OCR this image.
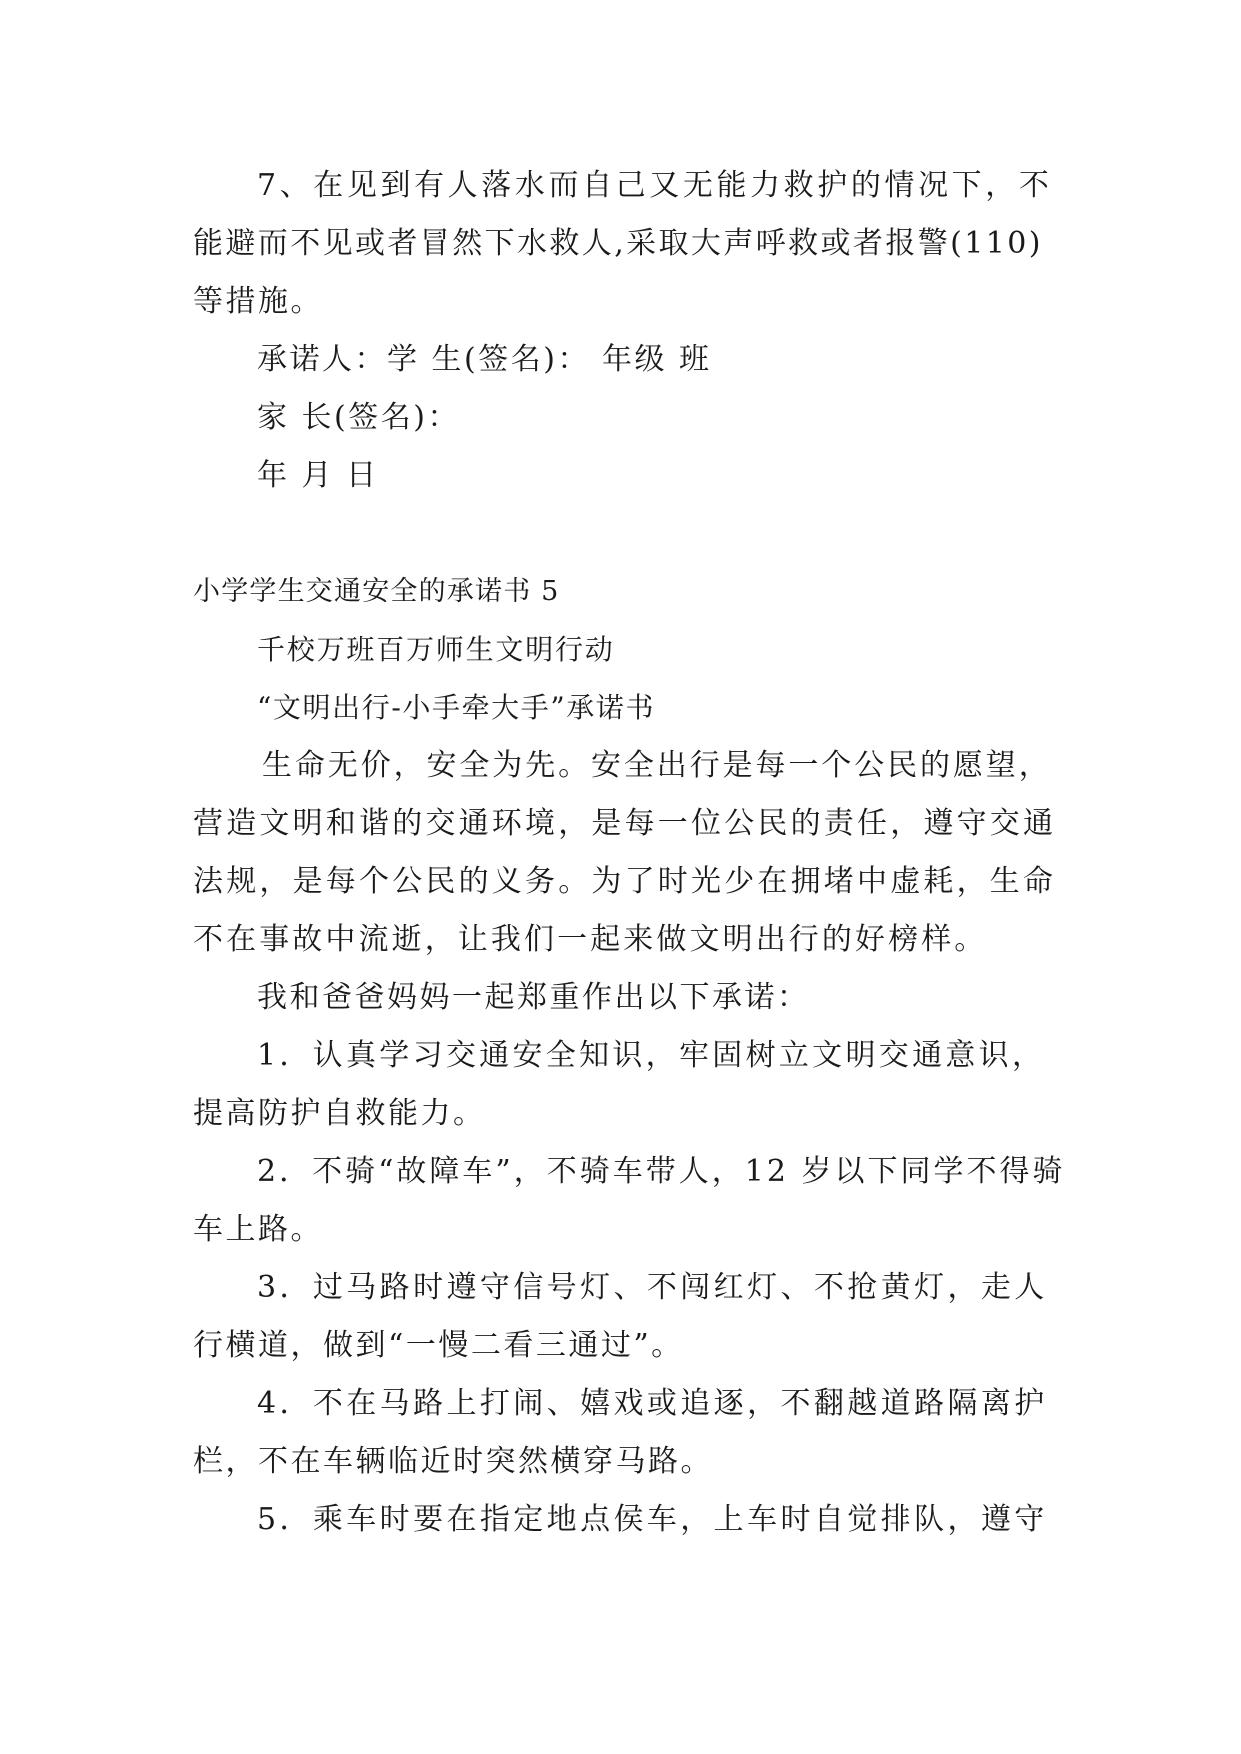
7、在见到有人落水而自己又无能力救护的情况下，不
能避而不见或者冒然下水救人,采取大声呼救或者报警(110)
等措施。
承诺人：学 生(签名)： 年级 班
家 长(签名)：
年 月 日
小学学生交通安全的承诺书 5
千校万班百万师生文明行动
“文明出行-小手牵大手”承诺书
生命无价，安全为先。安全出行是每一个公民的愿望，
营造文明和谐的交通环境，是每一位公民的责任，遵守交通
法规，是每个公民的义务。为了时光少在拥堵中虚耗，生命
不在事故中流逝，让我们一起来做文明出行的好榜样。
我和爸爸妈妈一起郑重作出以下承诺：
1．认真学习交通安全知识，牢固树立文明交通意识，
提高防护自救能力。
2．不骑“故障车”，不骑车带人，12 岁以下同学不得骑
车上路。
3．过马路时遵守信号灯、不闯红灯、不抢黄灯，走人
行横道，做到“一慢二看三通过”。
4．不在马路上打闹、嬉戏或追逐，不翻越道路隔离护
栏，不在车辆临近时突然横穿马路。
5．乘车时要在指定地点侯车，上车时自觉排队，遵守
